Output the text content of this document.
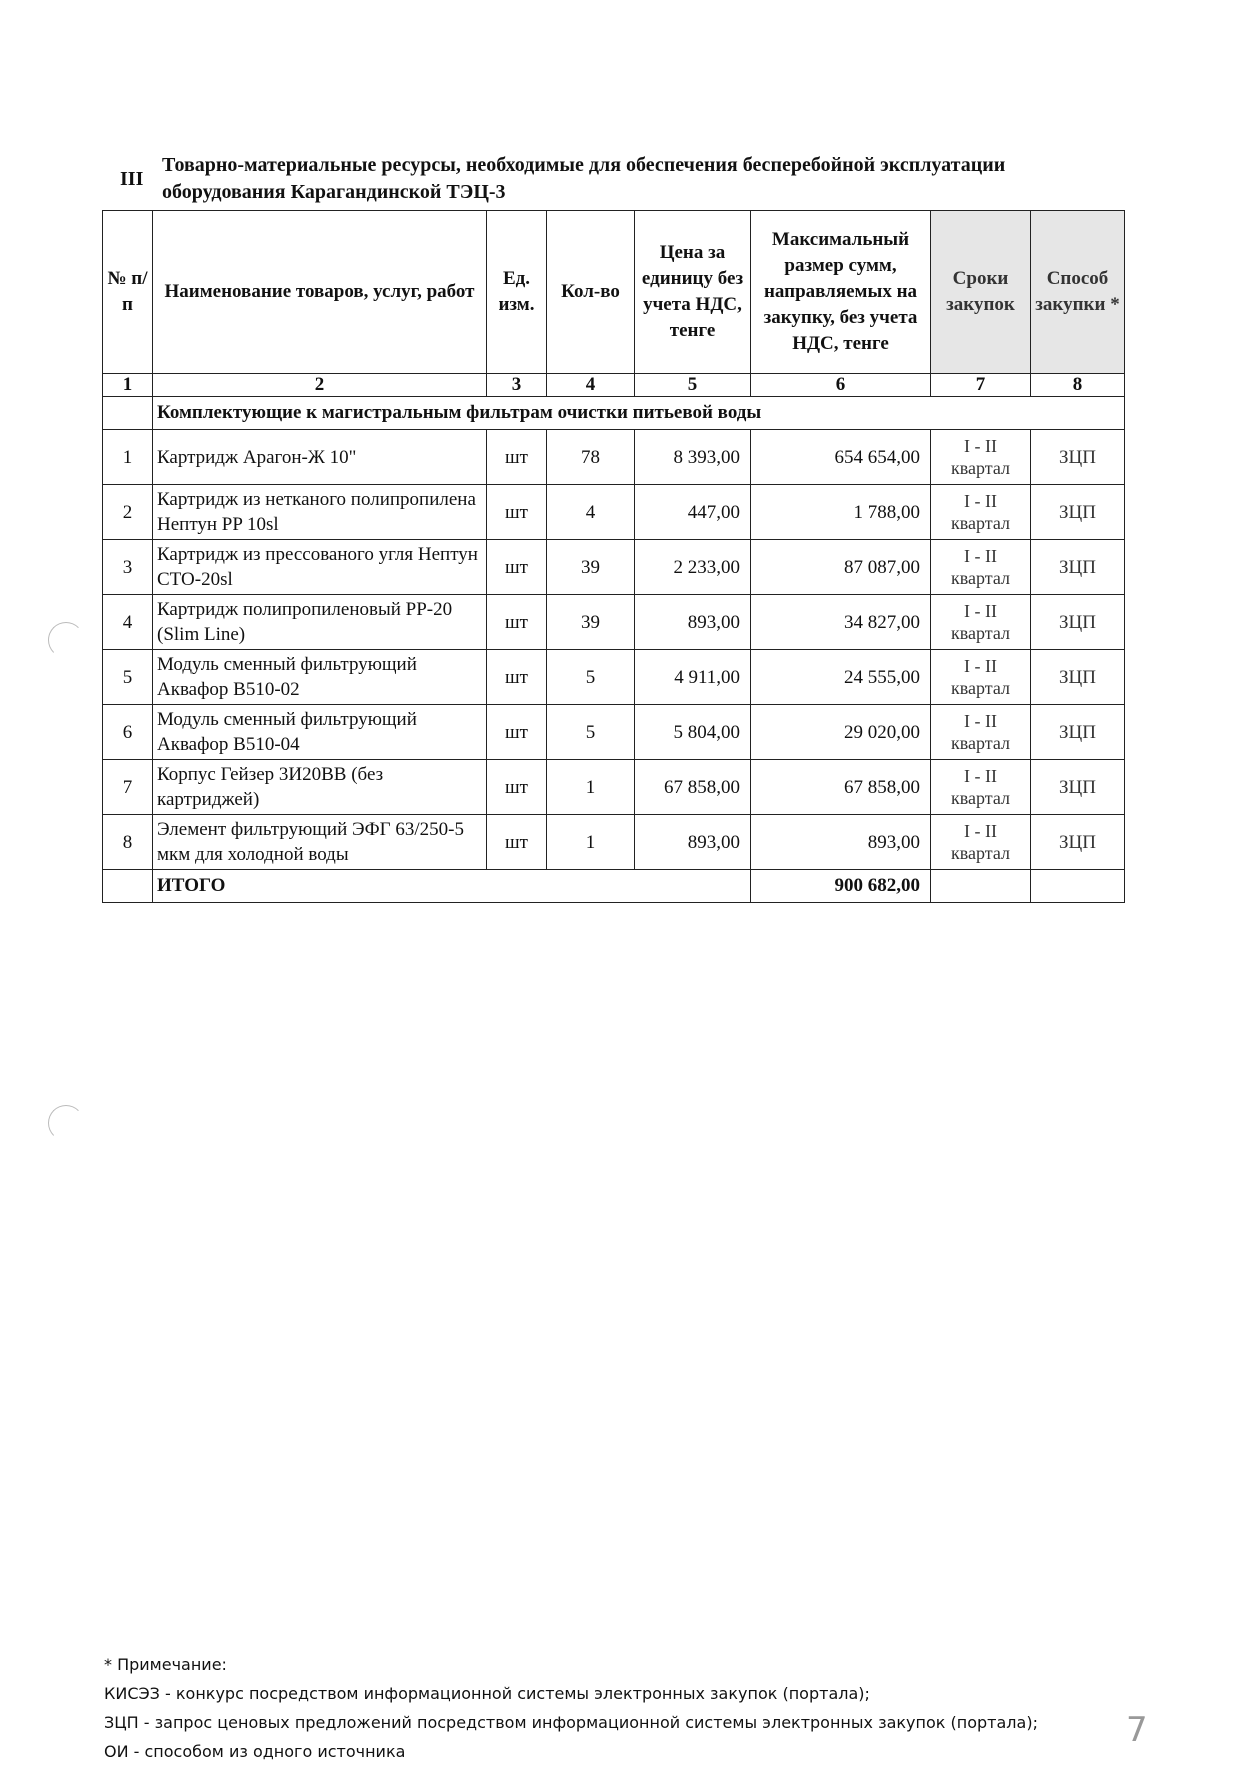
III
Товарно-материальные ресурсы, необходимые для обеспечения бесперебойной эксплуатации оборудования Карагандинской ТЭЦ-3
№ п/п	Наименование товаров, услуг, работ	Ед. изм.	Кол-во	Цена за единицу без учета НДС, тенге	Максимальный размер сумм, направляемых на закупку, без учета НДС, тенге	Сроки закупок	Способ закупки *
1	2	3	4	5	6	7	8
	Комплектующие к магистральным фильтрам очистки питьевой воды						
1	Картридж Арагон-Ж 10"	шт	78	8 393,00	654 654,00	I - II квартал	ЗЦП
2	Картридж из нетканого полипропилена Нептун PP 10sl	шт	4	447,00	1 788,00	I - II квартал	ЗЦП
3	Картридж из прессованого угля Нептун СТО-20sl	шт	39	2 233,00	87 087,00	I - II квартал	ЗЦП
4	Картридж полипропиленовый PP-20 (Slim Line)	шт	39	893,00	34 827,00	I - II квартал	ЗЦП
5	Модуль сменный фильтрующий Аквафор В510-02	шт	5	4 911,00	24 555,00	I - II квартал	ЗЦП
6	Модуль сменный фильтрующий Аквафор В510-04	шт	5	5 804,00	29 020,00	I - II квартал	ЗЦП
7	Корпус Гейзер 3И20ВВ (без картриджей)	шт	1	67 858,00	67 858,00	I - II квартал	ЗЦП
8	Элемент фильтрующий ЭФГ 63/250-5 мкм для холодной воды	шт	1	893,00	893,00	I - II квартал	ЗЦП
	ИТОГО				900 682,00		
* Примечание:
КИСЭЗ - конкурс посредством информационной системы электронных закупок (портала);
ЗЦП - запрос ценовых предложений посредством информационной системы электронных закупок (портала);
ОИ - способом из одного источника
7
